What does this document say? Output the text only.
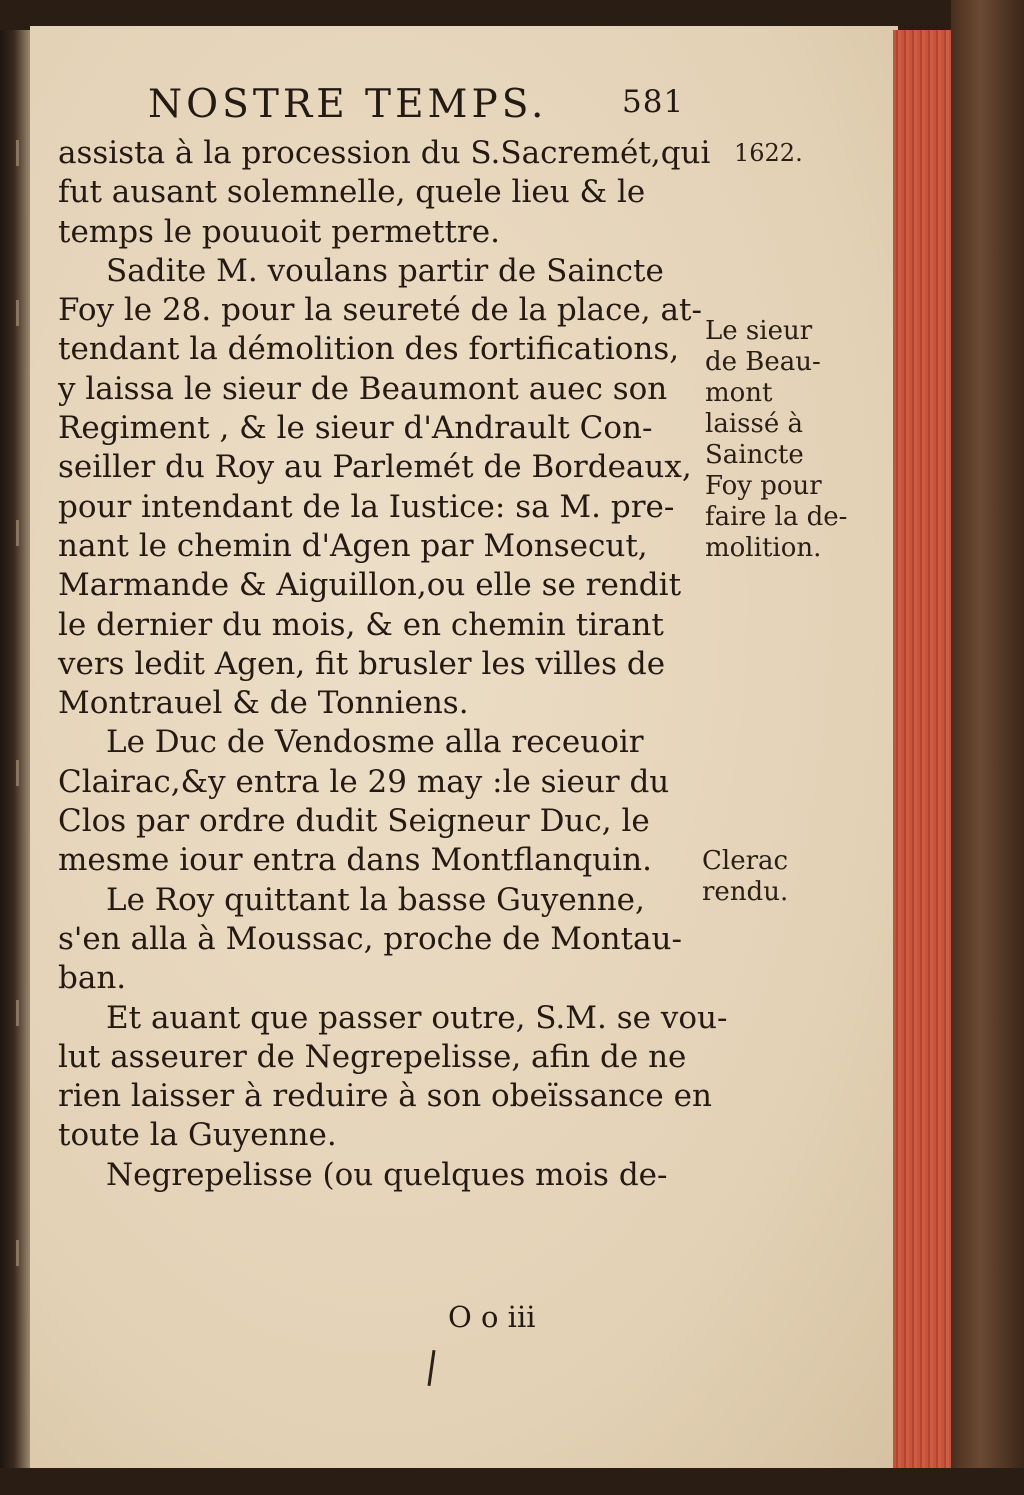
NOSTRE TEMPS. 581
1622.
assista à la procession du S.Sacremét,qui
fut ausant solemnelle, quele lieu & le
temps le pouuoit permettre.
Sadite M. voulans partir de Saincte
Foy le 28. pour la seureté de la place, at-
tendant la démolition des fortifications,
y laissa le sieur de Beaumont auec son
Regiment , & le sieur d'Andrault Con-
seiller du Roy au Parlemét de Bordeaux,
pour intendant de la Iustice: sa M. pre-
nant le chemin d'Agen par Monsecut,
Marmande & Aiguillon,ou elle se rendit
le dernier du mois, & en chemin tirant
vers ledit Agen, fit brusler les villes de
Montrauel & de Tonniens.
Le Duc de Vendosme alla receuoir
Clairac,&y entra le 29 may :le sieur du
Clos par ordre dudit Seigneur Duc, le
mesme iour entra dans Montflanquin.
Le Roy quittant la basse Guyenne,
s'en alla à Moussac, proche de Montau-
ban.
Et auant que passer outre, S.M. se vou-
lut asseurer de Negrepelisse, afin de ne
rien laisser à reduire à son obeïssance en
toute la Guyenne.
Negrepelisse (ou quelques mois de-
Le sieur
de Beau-
mont
laissé à
Saincte
Foy pour
faire la de-
molition.
Clerac
rendu.
O o iii
